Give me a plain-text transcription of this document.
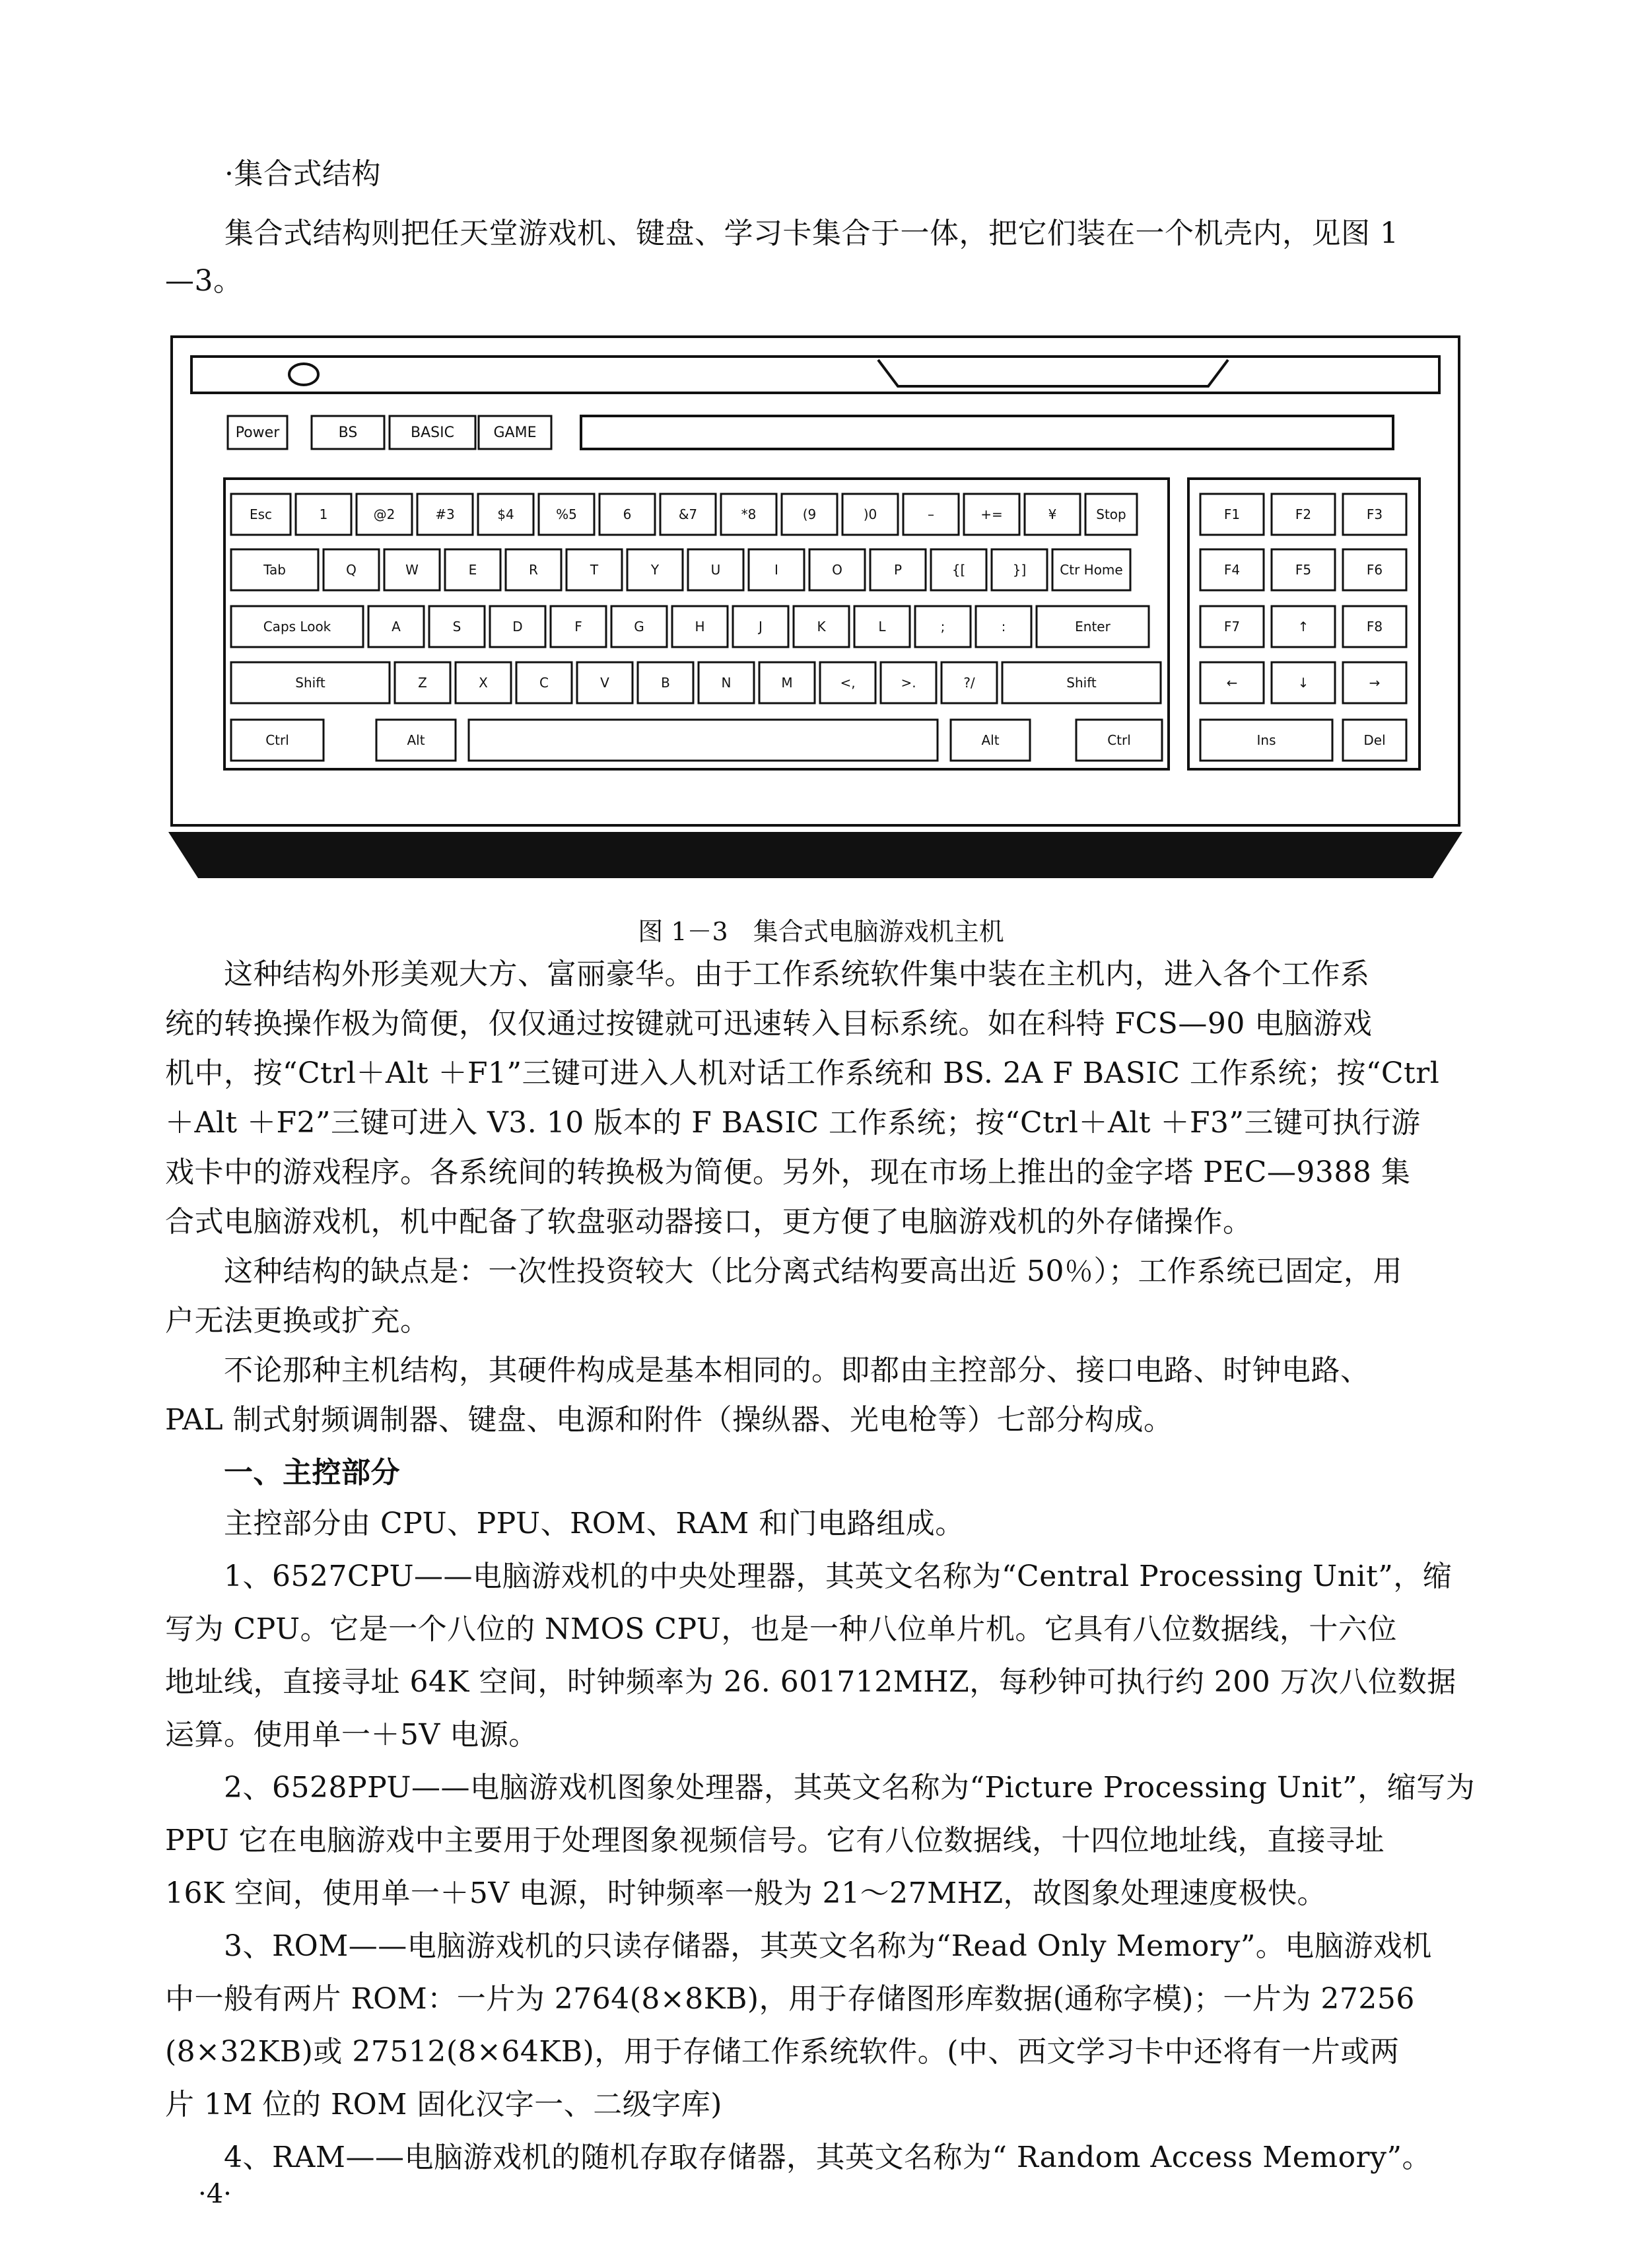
·集合式结构
集合式结构则把任天堂游戏机、键盘、学习卡集合于一体，把它们装在一个机壳内，见图 1
—3。
Power	BS	BASIC	GAME
Esc	1	@2	#3	$4	%5	6	&7	*8	(9	)0	–	+=	¥	Stop
Tab	Q	W	E	R	T	Y	U	I	O	P	{[	}]	Ctr Home
Caps Look	A	S	D	F	G	H	J	K	L	;	:	Enter
Shift	Z	X	C	V	B	N	M	<,	>.	?/	Shift
Ctrl	Alt	Alt	Ctrl
F1	F2	F3
F4	F5	F6
F7	↑	F8
←	↓	→
Ins	Del
图 1－3　集合式电脑游戏机主机
　　这种结构外形美观大方、富丽豪华。由于工作系统软件集中装在主机内，进入各个工作系
统的转换操作极为简便，仅仅通过按键就可迅速转入目标系统。如在科特 FCS—90 电脑游戏
机中，按“Ctrl＋Alt ＋F1”三键可进入人机对话工作系统和 BS. 2A F BASIC 工作系统；按“Ctrl
＋Alt ＋F2”三键可进入 V3. 10 版本的 F BASIC 工作系统；按“Ctrl＋Alt ＋F3”三键可执行游
戏卡中的游戏程序。各系统间的转换极为简便。另外，现在市场上推出的金字塔 PEC—9388 集
合式电脑游戏机，机中配备了软盘驱动器接口，更方便了电脑游戏机的外存储操作。
　　这种结构的缺点是：一次性投资较大（比分离式结构要高出近 50％）；工作系统已固定，用
户无法更换或扩充。
　　不论那种主机结构，其硬件构成是基本相同的。即都由主控部分、接口电路、时钟电路、
PAL 制式射频调制器、键盘、电源和附件（操纵器、光电枪等）七部分构成。
　　一、主控部分
　　主控部分由 CPU、PPU、ROM、RAM 和门电路组成。
　　1、6527CPU——电脑游戏机的中央处理器，其英文名称为“Central Processing Unit”，缩
写为 CPU。它是一个八位的 NMOS CPU，也是一种八位单片机。它具有八位数据线，十六位
地址线，直接寻址 64K 空间，时钟频率为 26. 601712MHZ，每秒钟可执行约 200 万次八位数据
运算。使用单一＋5V 电源。
　　2、6528PPU——电脑游戏机图象处理器，其英文名称为“Picture Processing Unit”，缩写为
PPU 它在电脑游戏中主要用于处理图象视频信号。它有八位数据线，十四位地址线，直接寻址
16K 空间，使用单一＋5V 电源，时钟频率一般为 21～27MHZ，故图象处理速度极快。
　　3、ROM——电脑游戏机的只读存储器，其英文名称为“Read Only Memory”。电脑游戏机
中一般有两片 ROM：一片为 2764(8×8KB)，用于存储图形库数据(通称字模)；一片为 27256
(8×32KB)或 27512(8×64KB)，用于存储工作系统软件。(中、西文学习卡中还将有一片或两
片 1M 位的 ROM 固化汉字一、二级字库)
　　4、RAM——电脑游戏机的随机存取存储器，其英文名称为“ Random Access Memory”。
·4·
